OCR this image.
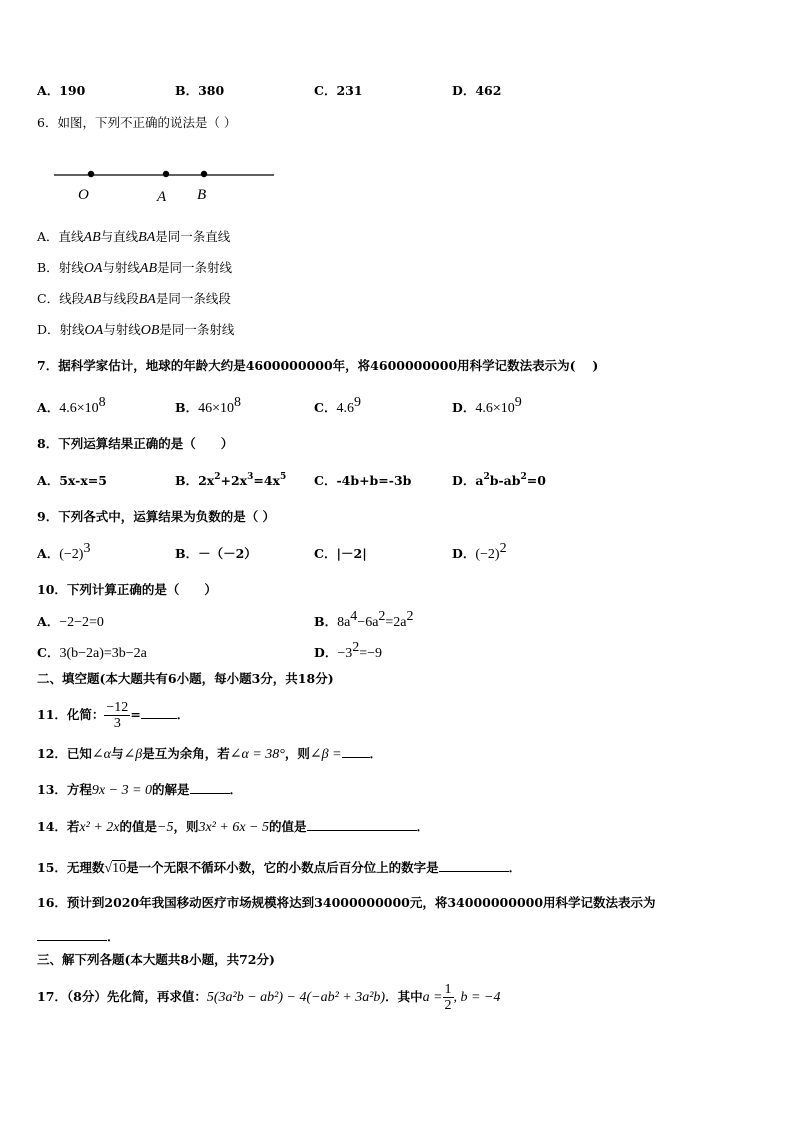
A．190	B．380	C．231	D．462
6．如图，下列不正确的说法是（ ）
O	A B
A．直线AB与直线BA是同一条直线
B．射线OA与射线AB是同一条射线
C．线段AB与线段BA是同一条线段
D．射线OA与射线OB是同一条射线
7．据科学家估计，地球的年龄大约是4600000000年，将4600000000用科学记数法表示为(　 )
A．$4.6\times 10^8$	B．$46\times 10^8$	C．$4.6^9$	D．$4.6\times 10^9$
8．下列运算结果正确的是（　　）
A．5x-x=5	B．$2x^2+2x^3=4x^5$ C．-4b+b=-3b	D．$a^2b-ab^2=0$
9．下列各式中，运算结果为负数的是（ ）
A．$(-2)^3$	B．－（－2）	C．|－2|	D．$(-2)^2$
10．下列计算正确的是（　　）
A．−2−2=0	B．$8a^4-6a^2=2a^2$
C．3(b−2a)=3b−2a	D．$-3^2=-9$
二、填空题(本大题共有6小题，每小题3分，共18分)
11．化简： $\frac{-12}{3}$ =	．
12．已知∠α与∠β是互为余角，若∠α = 38°，则∠β = ．
13．方程9x − 3 = 0的解是	．
14．若x² + 2x的值是−5，则3x² + 6x − 5的值是	．
15．无理数√10是一个无限不循环小数，它的小数点后百分位上的数字是	．
16．预计到2020年我国移动医疗市场规模将达到34000000000元，将34000000000用科学记数法表示为
．
三、解下列各题(本大题共8小题，共72分)
17．（8分）先化简，再求值：5(3a²b − ab²) − 4(−ab² + 3a²b)．其中$a = \frac{1}{2}$ , b = −4
